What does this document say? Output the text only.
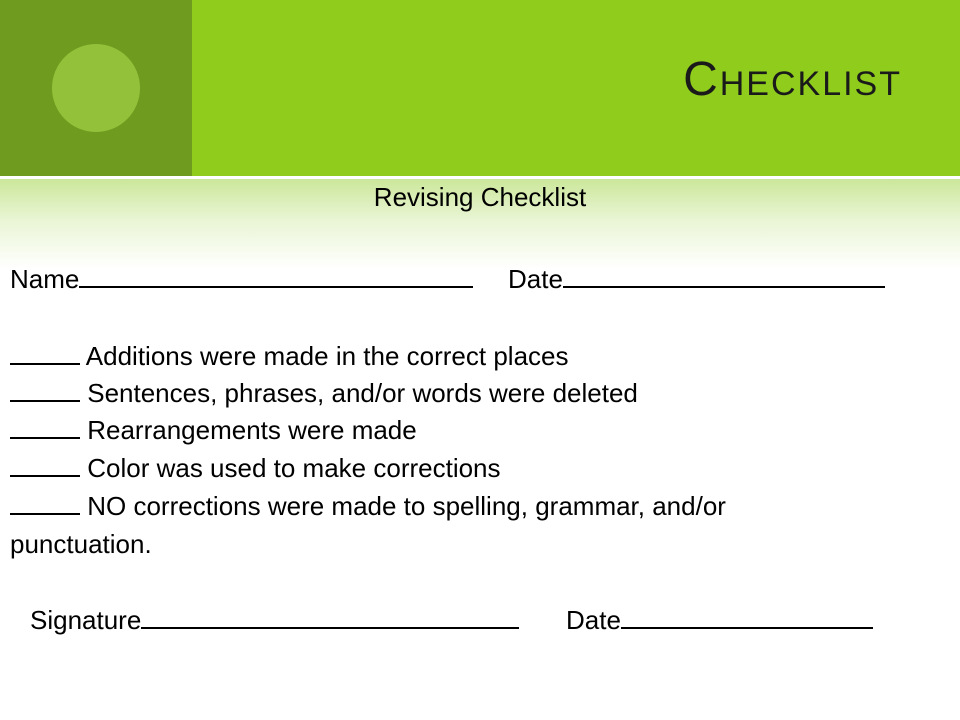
Checklist
Revising Checklist
Name	Date
Additions were made in the correct places
Sentences, phrases, and/or words were deleted
Rearrangements were made
Color was used to make corrections
NO corrections were made to spelling, grammar, and/or
punctuation.
Signature	Date
